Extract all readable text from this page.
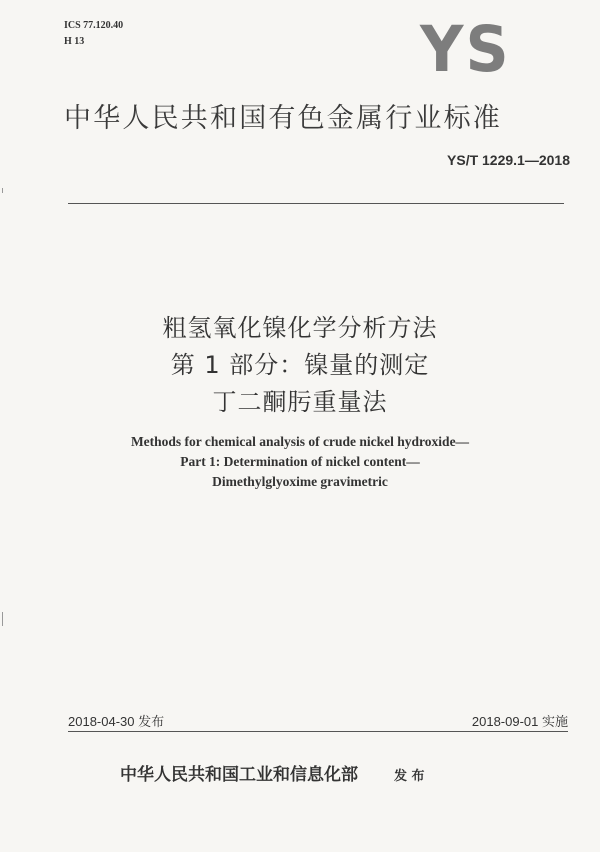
ICS 77.120.40
H 13	YS
中华人民共和国有色金属行业标准
YS/T 1229.1—2018
粗氢氧化镍化学分析方法
第 1 部分：镍量的测定
丁二酮肟重量法
Methods for chemical analysis of crude nickel hydroxide—
Part 1: Determination of nickel content—
Dimethylglyoxime gravimetric
2018-04-30 发布	2018-09-01 实施
中华人民共和国工业和信息化部	发 布
